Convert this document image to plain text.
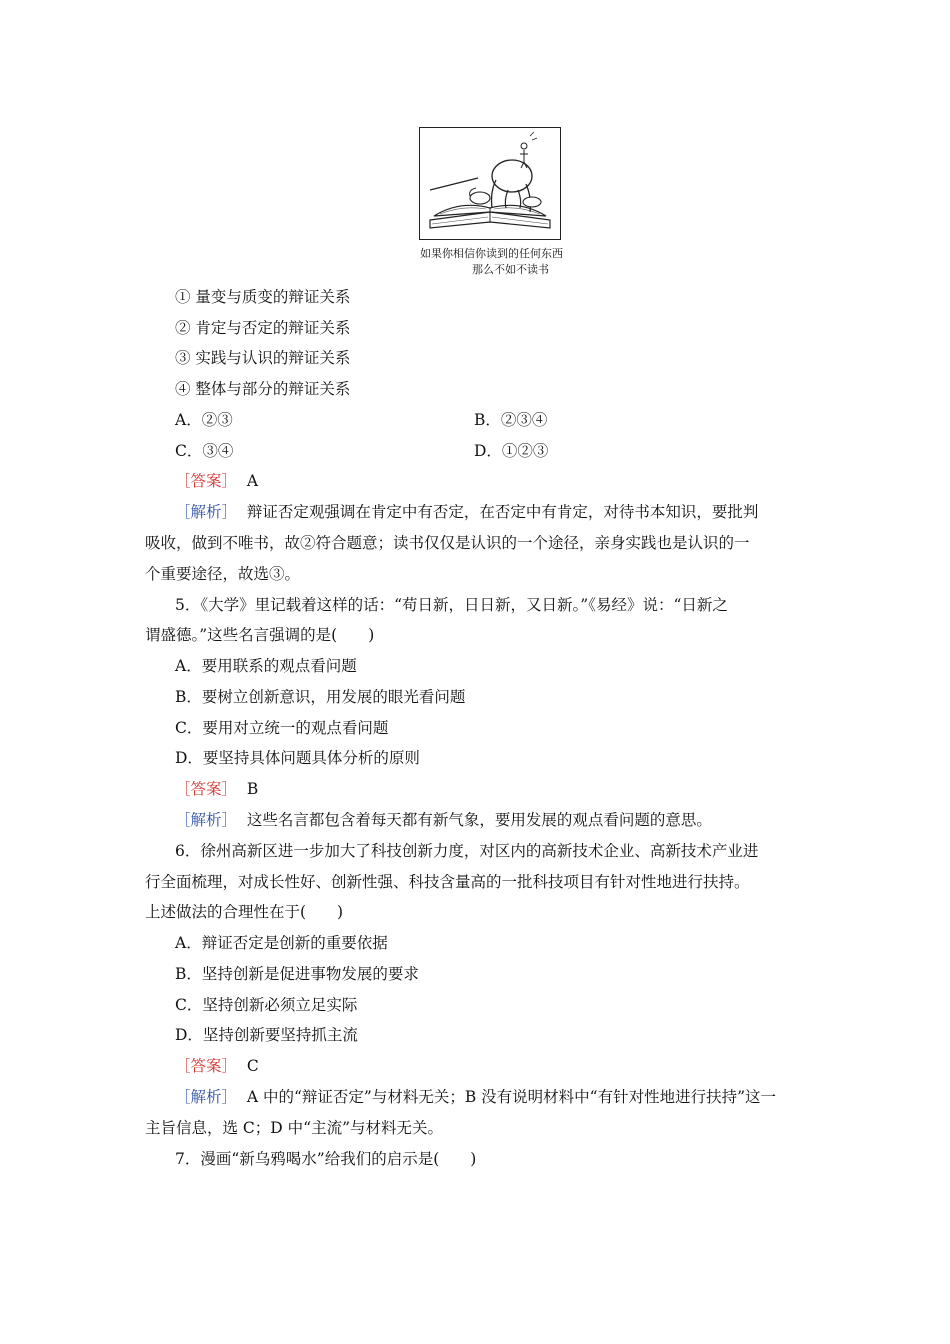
如果你相信你读到的任何东西
那么不如不读书
① 量变与质变的辩证关系
② 肯定与否定的辩证关系
③ 实践与认识的辩证关系
④ 整体与部分的辩证关系
A．②③	B．②③④
C．③④	D．①②③
［答案］ A
［解析］ 辩证否定观强调在肯定中有否定，在否定中有肯定，对待书本知识，要批判
吸收，做到不唯书，故②符合题意；读书仅仅是认识的一个途径，亲身实践也是认识的一
个重要途径，故选③。
5．《大学》里记载着这样的话：“苟日新，日日新，又日新。”《易经》说：“日新之
谓盛德。”这些名言强调的是(　　)
A．要用联系的观点看问题
B．要树立创新意识，用发展的眼光看问题
C．要用对立统一的观点看问题
D．要坚持具体问题具体分析的原则
［答案］ B
［解析］ 这些名言都包含着每天都有新气象，要用发展的观点看问题的意思。
6．徐州高新区进一步加大了科技创新力度，对区内的高新技术企业、高新技术产业进
行全面梳理，对成长性好、创新性强、科技含量高的一批科技项目有针对性地进行扶持。
上述做法的合理性在于(　　)
A．辩证否定是创新的重要依据
B．坚持创新是促进事物发展的要求
C．坚持创新必须立足实际
D．坚持创新要坚持抓主流
［答案］ C
［解析］ A 中的“辩证否定”与材料无关；B 没有说明材料中“有针对性地进行扶持”这一
主旨信息，选 C；D 中“主流”与材料无关。
7．漫画“新乌鸦喝水”给我们的启示是(　　)
